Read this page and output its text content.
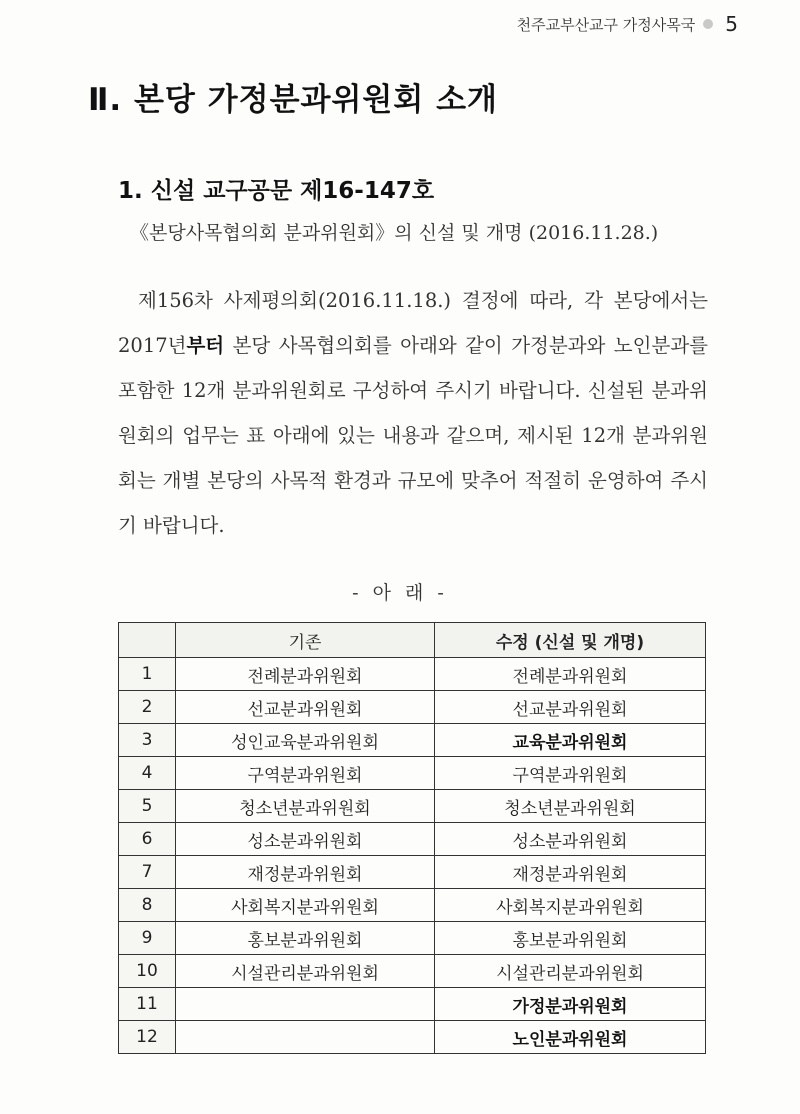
천주교부산교구 가정사목국 5
Ⅱ. 본당 가정분과위원회 소개
1. 신설 교구공문 제16-147호
《본당사목협의회 분과위원회》의 신설 및 개명 (2016.11.28.)

제156차 사제평의회(2016.11.18.) 결정에 따라, 각 본당에서는 2017년부터 본당 사목협의회를 아래와 같이 가정분과와 노인분과를 포함한 12개 분과위원회로 구성하여 주시기 바랍니다. 신설된 분과위원회의 업무는 표 아래에 있는 내용과 같으며, 제시된 12개 분과위원회는 개별 본당의 사목적 환경과 규모에 맞추어 적절히 운영하여 주시기 바랍니다.

- 아 래 -
	기존	수정 (신설 및 개명)
1	전례분과위원회	전례분과위원회
2	선교분과위원회	선교분과위원회
3	성인교육분과위원회	교육분과위원회
4	구역분과위원회	구역분과위원회
5	청소년분과위원회	청소년분과위원회
6	성소분과위원회	성소분과위원회
7	재정분과위원회	재정분과위원회
8	사회복지분과위원회	사회복지분과위원회
9	홍보분과위원회	홍보분과위원회
10	시설관리분과위원회	시설관리분과위원회
11		가정분과위원회
12		노인분과위원회
